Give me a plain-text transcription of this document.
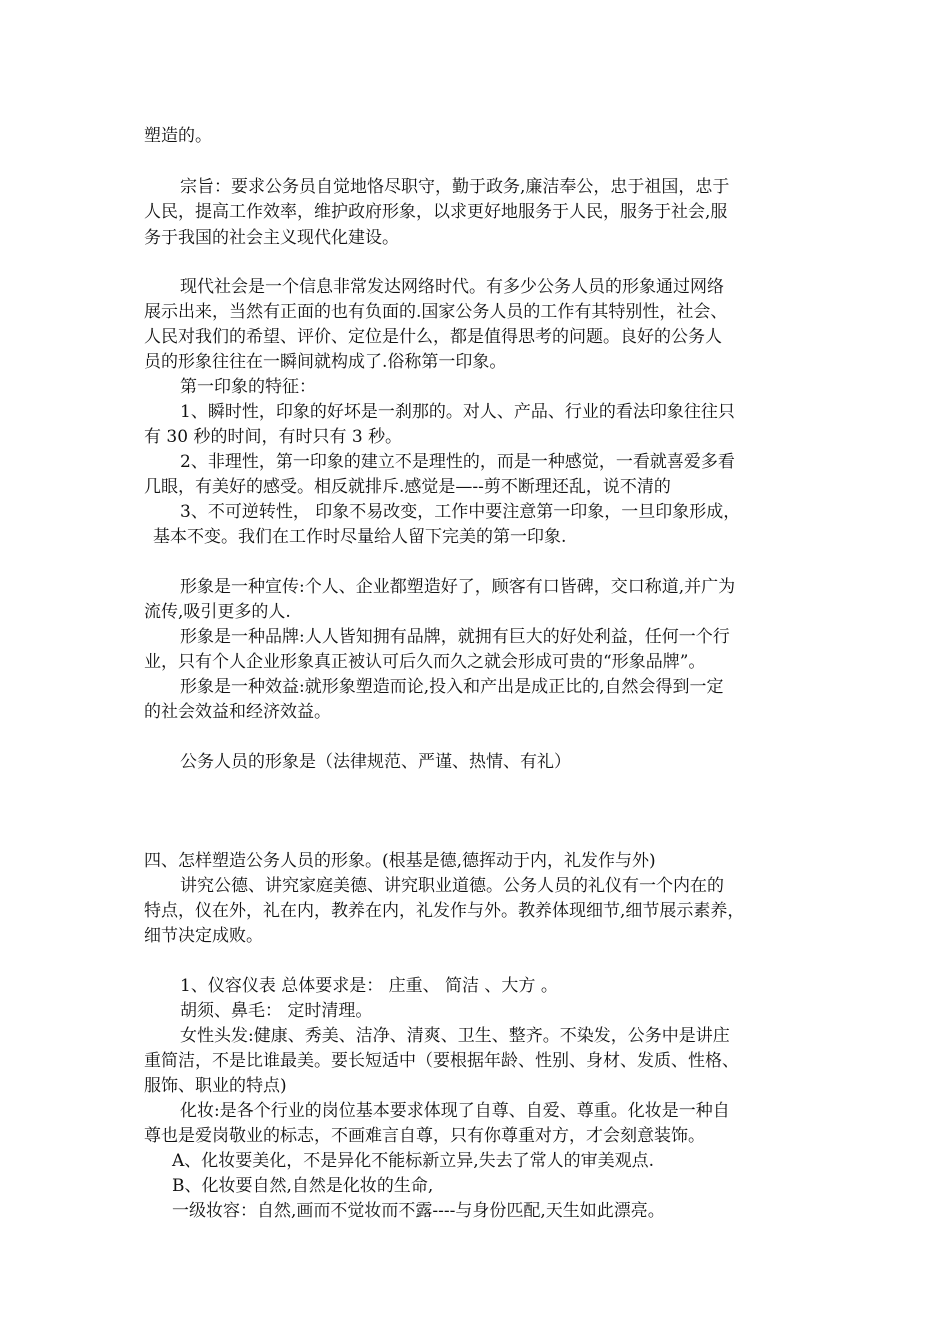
塑造的。

宗旨：要求公务员自觉地恪尽职守，勤于政务,廉洁奉公，忠于祖国，忠于

人民，提高工作效率，维护政府形象，以求更好地服务于人民，服务于社会,服

务于我国的社会主义现代化建设。

现代社会是一个信息非常发达网络时代。有多少公务人员的形象通过网络

展示出来，当然有正面的也有负面的.国家公务人员的工作有其特别性，社会、

人民对我们的希望、评价、定位是什么，都是值得思考的问题。良好的公务人

员的形象往往在一瞬间就构成了.俗称第一印象。

第一印象的特征：

1、瞬时性，印象的好坏是一刹那的。对人、产品、行业的看法印象往往只

有 30 秒的时间，有时只有 3 秒。

2、非理性，第一印象的建立不是理性的，而是一种感觉，一看就喜爱多看

几眼，有美好的感受。相反就排斥.感觉是—--剪不断理还乱，说不清的

3、不可逆转性， 印象不易改变，工作中要注意第一印象，一旦印象形成，

基本不变。我们在工作时尽量给人留下完美的第一印象.

形象是一种宣传:个人、企业都塑造好了，顾客有口皆碑，交口称道,并广为

流传,吸引更多的人.

形象是一种品牌:人人皆知拥有品牌，就拥有巨大的好处利益，任何一个行

业，只有个人企业形象真正被认可后久而久之就会形成可贵的“形象品牌”。

形象是一种效益:就形象塑造而论,投入和产出是成正比的,自然会得到一定

的社会效益和经济效益。

公务人员的形象是（法律规范、严谨、热情、有礼）

四、怎样塑造公务人员的形象。(根基是德,德挥动于内，礼发作与外)

讲究公德、讲究家庭美德、讲究职业道德。公务人员的礼仪有一个内在的

特点，仪在外，礼在内，教养在内，礼发作与外。教养体现细节,细节展示素养，

细节决定成败。

1、仪容仪表 总体要求是： 庄重、 简洁 、大方 。

胡须、鼻毛： 定时清理。

女性头发:健康、秀美、洁净、清爽、卫生、整齐。不染发，公务中是讲庄

重简洁，不是比谁最美。要长短适中（要根据年龄、性别、身材、发质、性格、

服饰、职业的特点)

化妆:是各个行业的岗位基本要求体现了自尊、自爱、尊重。化妆是一种自

尊也是爱岗敬业的标志，不画难言自尊，只有你尊重对方，才会刻意装饰。

A、化妆要美化，不是异化不能标新立异,失去了常人的审美观点.

B、化妆要自然,自然是化妆的生命,

一级妆容：自然,画而不觉妆而不露----与身份匹配,天生如此漂亮。
